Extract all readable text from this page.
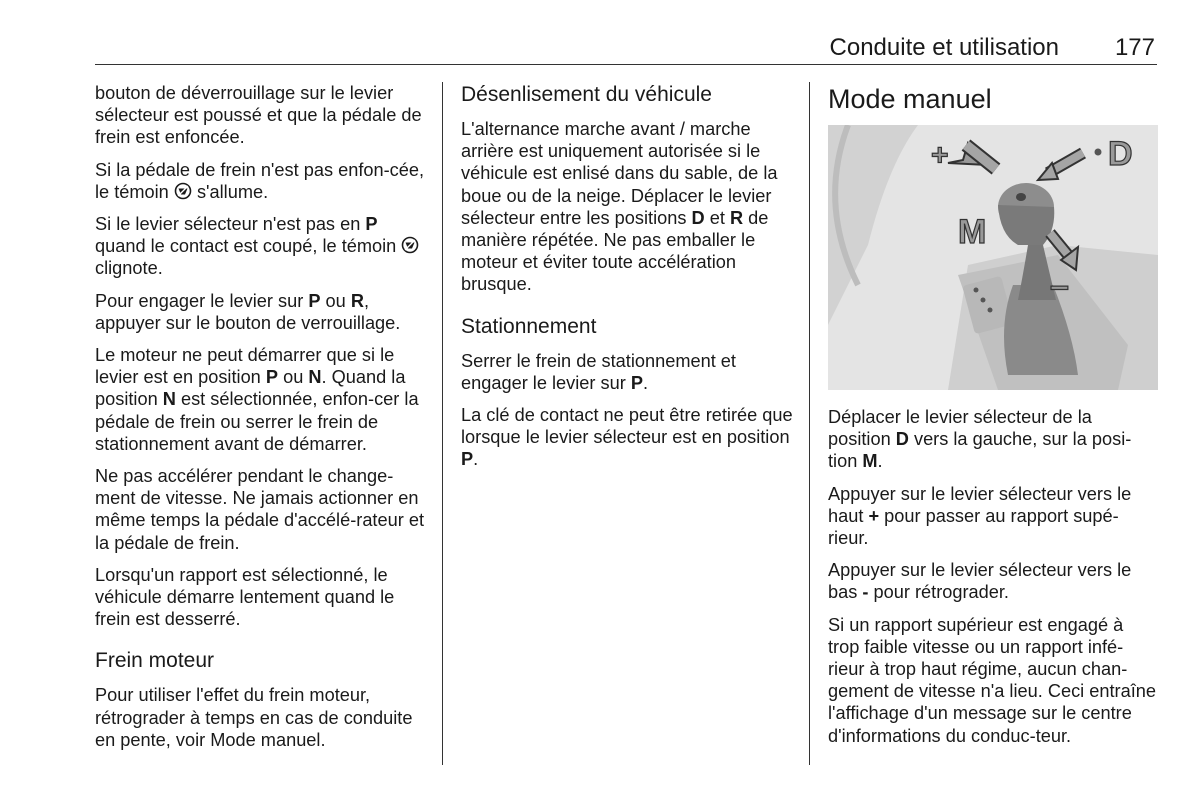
Conduite et utilisation 177

bouton de déverrouillage sur le levier sélecteur est poussé et que la pédale de frein est enfoncée.

Si la pédale de frein n'est pas enfon-cée, le témoin s'allume.

Si le levier sélecteur n'est pas en P quand le contact est coupé, le témoin  clignote.

Pour engager le levier sur P ou R, appuyer sur le bouton de verrouillage.

Le moteur ne peut démarrer que si le levier est en position P ou N. Quand la position N est sélectionnée, enfon-cer la pédale de frein ou serrer le frein de stationnement avant de démarrer.

Ne pas accélérer pendant le change-ment de vitesse. Ne jamais actionner en même temps la pédale d'accélé-rateur et la pédale de frein.

Lorsqu'un rapport est sélectionné, le véhicule démarre lentement quand le frein est desserré.

Frein moteur

Pour utiliser l'effet du frein moteur, rétrograder à temps en cas de conduite en pente, voir Mode manuel.

Désenlisement du véhicule

L'alternance marche avant / marche arrière est uniquement autorisée si le véhicule est enlisé dans du sable, de la boue ou de la neige. Déplacer le levier sélecteur entre les positions D et R de manière répétée. Ne pas emballer le moteur et éviter toute accélération brusque.

Stationnement

Serrer le frein de stationnement et engager le levier sur P.

La clé de contact ne peut être retirée que lorsque le levier sélecteur est en position P.

Mode manuel
+	D
M
–

Déplacer le levier sélecteur de la position D vers la gauche, sur la posi-tion M.

Appuyer sur le levier sélecteur vers le haut + pour passer au rapport supé-rieur.

Appuyer sur le levier sélecteur vers le bas - pour rétrograder.

Si un rapport supérieur est engagé à trop faible vitesse ou un rapport infé-rieur à trop haut régime, aucun chan-gement de vitesse n'a lieu. Ceci entraîne l'affichage d'un message sur le centre d'informations du conduc-teur.
